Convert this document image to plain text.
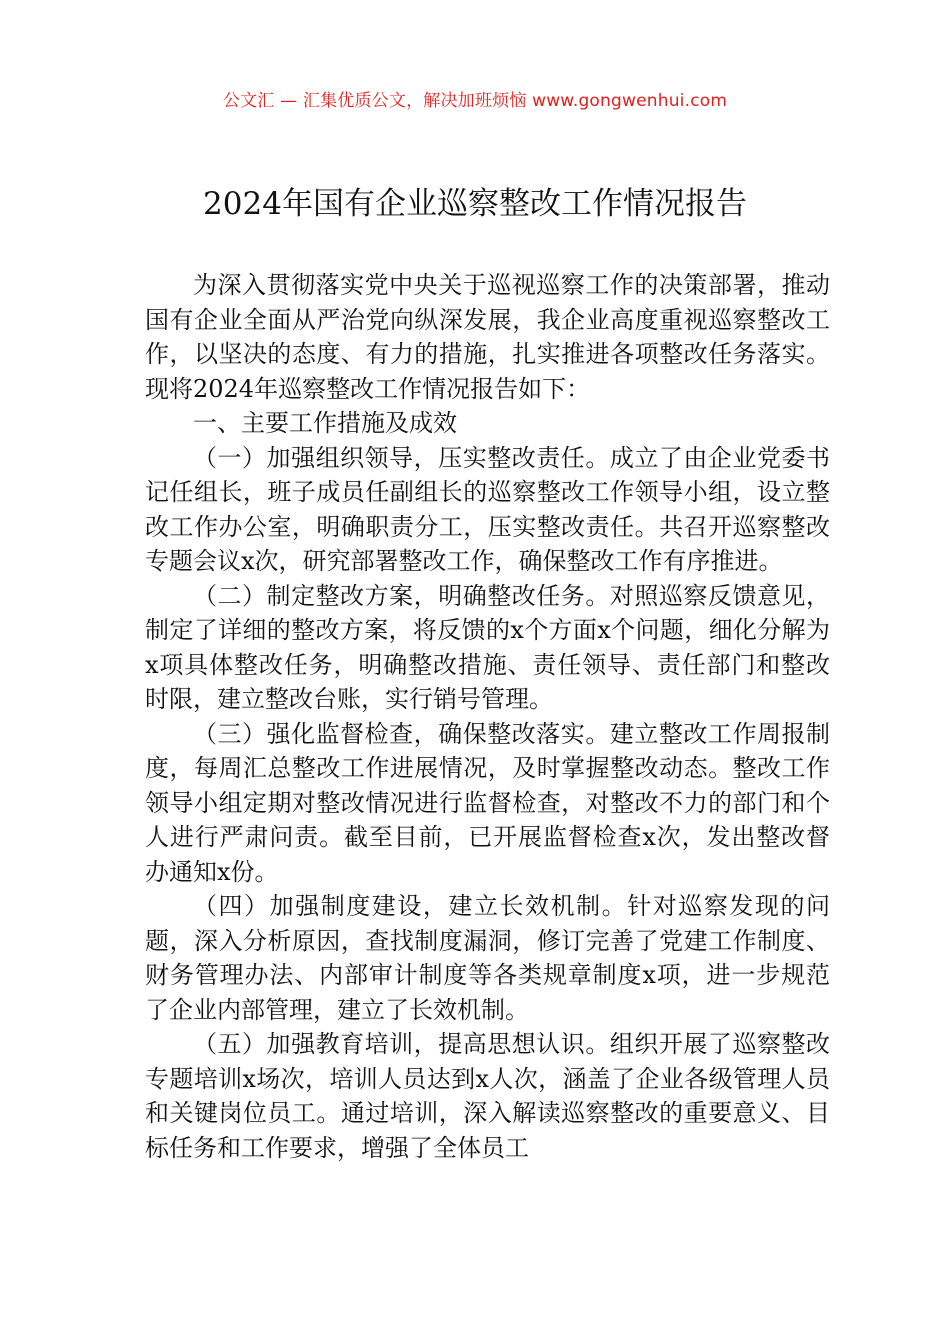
公文汇 — 汇集优质公文，解决加班烦恼 www.gongwenhui.com
2024年国有企业巡察整改工作情况报告

为深入贯彻落实党中央关于巡视巡察工作的决策部署，推动国有企业全面从严治党向纵深发展，我企业高度重视巡察整改工作，以坚决的态度、有力的措施，扎实推进各项整改任务落实。现将2024年巡察整改工作情况报告如下：

一、主要工作措施及成效

（一）加强组织领导，压实整改责任。成立了由企业党委书记任组长，班子成员任副组长的巡察整改工作领导小组，设立整改工作办公室，明确职责分工，压实整改责任。共召开巡察整改专题会议x次，研究部署整改工作，确保整改工作有序推进。

（二）制定整改方案，明确整改任务。对照巡察反馈意见，制定了详细的整改方案，将反馈的x个方面x个问题，细化分解为x项具体整改任务，明确整改措施、责任领导、责任部门和整改时限，建立整改台账，实行销号管理。

（三）强化监督检查，确保整改落实。建立整改工作周报制度，每周汇总整改工作进展情况，及时掌握整改动态。整改工作领导小组定期对整改情况进行监督检查，对整改不力的部门和个人进行严肃问责。截至目前，已开展监督检查x次，发出整改督办通知x份。

（四）加强制度建设，建立长效机制。针对巡察发现的问题，深入分析原因，查找制度漏洞，修订完善了党建工作制度、财务管理办法、内部审计制度等各类规章制度x项，进一步规范了企业内部管理，建立了长效机制。

（五）加强教育培训，提高思想认识。组织开展了巡察整改专题培训x场次，培训人员达到x人次，涵盖了企业各级管理人员和关键岗位员工。通过培训，深入解读巡察整改的重要意义、目标任务和工作要求，增强了全体员工
